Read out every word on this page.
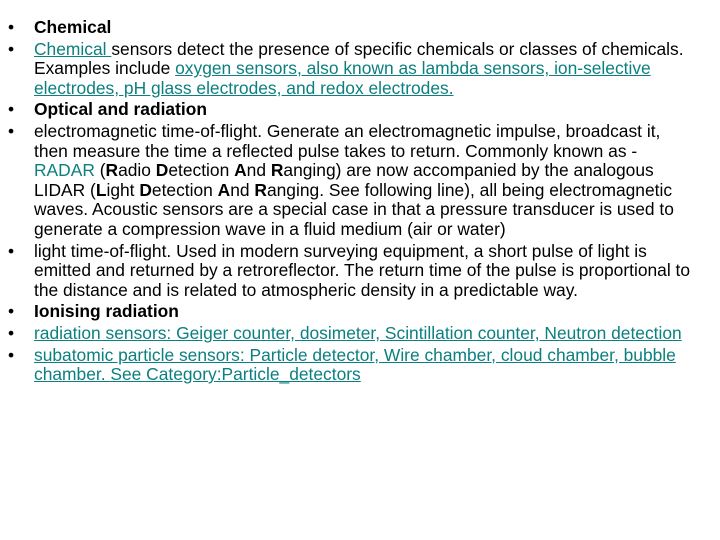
• Chemical
• Chemical sensors detect the presence of specific chemicals or classes of chemicals. Examples include oxygen sensors, also known as lambda sensors, ion-selective electrodes, pH glass electrodes, and redox electrodes.
• Optical and radiation
• electromagnetic time-of-flight. Generate an electromagnetic impulse, broadcast it, then measure the time a reflected pulse takes to return. Commonly known as - RADAR (Radio Detection And Ranging) are now accompanied by the analogous LIDAR (Light Detection And Ranging. See following line), all being electromagnetic waves. Acoustic sensors are a special case in that a pressure transducer is used to generate a compression wave in a fluid medium (air or water)
• light time-of-flight. Used in modern surveying equipment, a short pulse of light is emitted and returned by a retroreflector. The return time of the pulse is proportional to the distance and is related to atmospheric density in a predictable way.
• Ionising radiation
• radiation sensors: Geiger counter, dosimeter, Scintillation counter, Neutron detection
• subatomic particle sensors: Particle detector, Wire chamber, cloud chamber, bubble chamber. See Category:Particle_detectors
